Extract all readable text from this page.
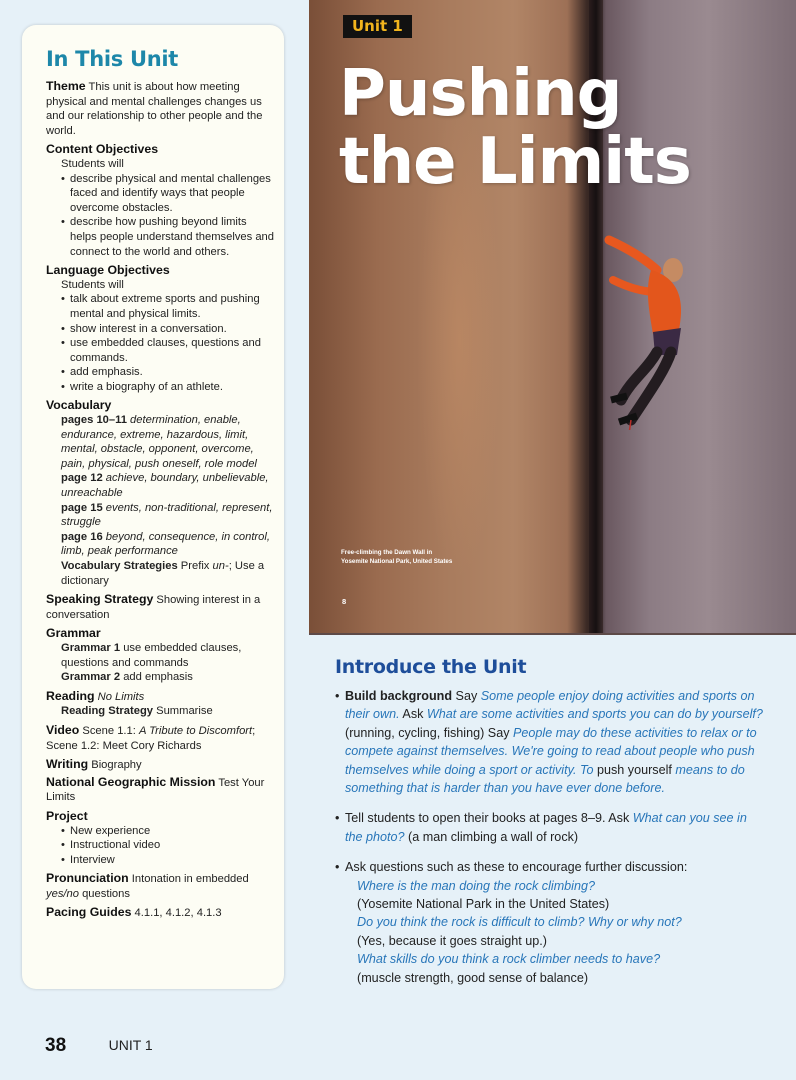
In This Unit
Theme This unit is about how meeting physical and mental challenges changes us and our relationship to other people and the world.
Content Objectives
Students will
• describe physical and mental challenges faced and identify ways that people overcome obstacles.
• describe how pushing beyond limits helps people understand themselves and connect to the world and others.
Language Objectives
Students will
• talk about extreme sports and pushing mental and physical limits.
• show interest in a conversation.
• use embedded clauses, questions and commands.
• add emphasis.
• write a biography of an athlete.
Vocabulary
pages 10–11 determination, enable, endurance, extreme, hazardous, limit, mental, obstacle, opponent, overcome, pain, physical, push oneself, role model
page 12 achieve, boundary, unbelievable, unreachable
page 15 events, non-traditional, represent, struggle
page 16 beyond, consequence, in control, limb, peak performance
Vocabulary Strategies Prefix un-; Use a dictionary
Speaking Strategy Showing interest in a conversation
Grammar
Grammar 1 use embedded clauses, questions and commands
Grammar 2 add emphasis
Reading No Limits
Reading Strategy Summarise
Video Scene 1.1: A Tribute to Discomfort; Scene 1.2: Meet Cory Richards
Writing Biography
National Geographic Mission Test Your Limits
Project
• New experience
• Instructional video
• Interview
Pronunciation Intonation in embedded yes/no questions
Pacing Guides 4.1.1, 4.1.2, 4.1.3
Unit 1
Pushing
the Limits
Free-climbing the Dawn Wall in
Yosemite National Park, United States
8
Introduce the Unit
• Build background Say Some people enjoy doing activities and sports on their own. Ask What are some activities and sports you can do by yourself? (running, cycling, fishing) Say People may do these activities to relax or to compete against themselves. We're going to read about people who push themselves while doing a sport or activity. To push yourself means to do something that is harder than you have ever done before.
• Tell students to open their books at pages 8–9. Ask What can you see in the photo? (a man climbing a wall of rock)
• Ask questions such as these to encourage further discussion:
Where is the man doing the rock climbing?
(Yosemite National Park in the United States)
Do you think the rock is difficult to climb? Why or why not?
(Yes, because it goes straight up.)
What skills do you think a rock climber needs to have?
(muscle strength, good sense of balance)
38	UNIT 1
